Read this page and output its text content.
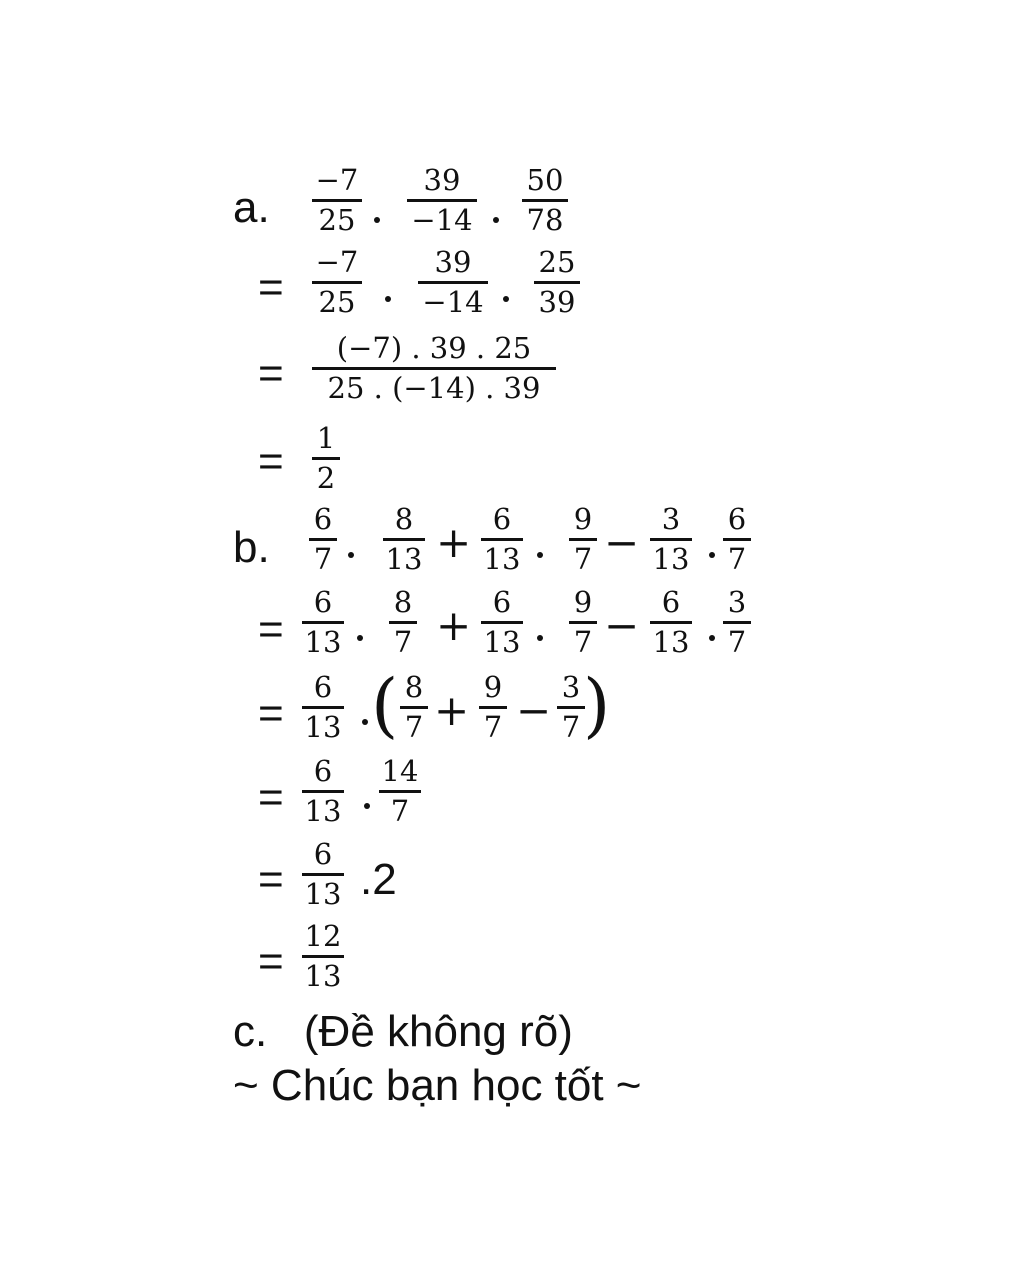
a.
−7
25
39
−14
50
78
=
−7
25
39
−14
25
39
=
(−7) . 39 . 25
25 . (−14) . 39
= 1
2
b.
6
7
8
13 + 6
13
9
7 − 3
13
6
7
=
6
13
8
7 + 6
13
9
7 − 6
13
3
7
=
6
13 ( 8
7 + 9
7 − 3
7 )
=
6
13
14
7
=
6
13 .2
=
12
13
c.   (Đề không rõ)
~ Chúc bạn học tốt ~
